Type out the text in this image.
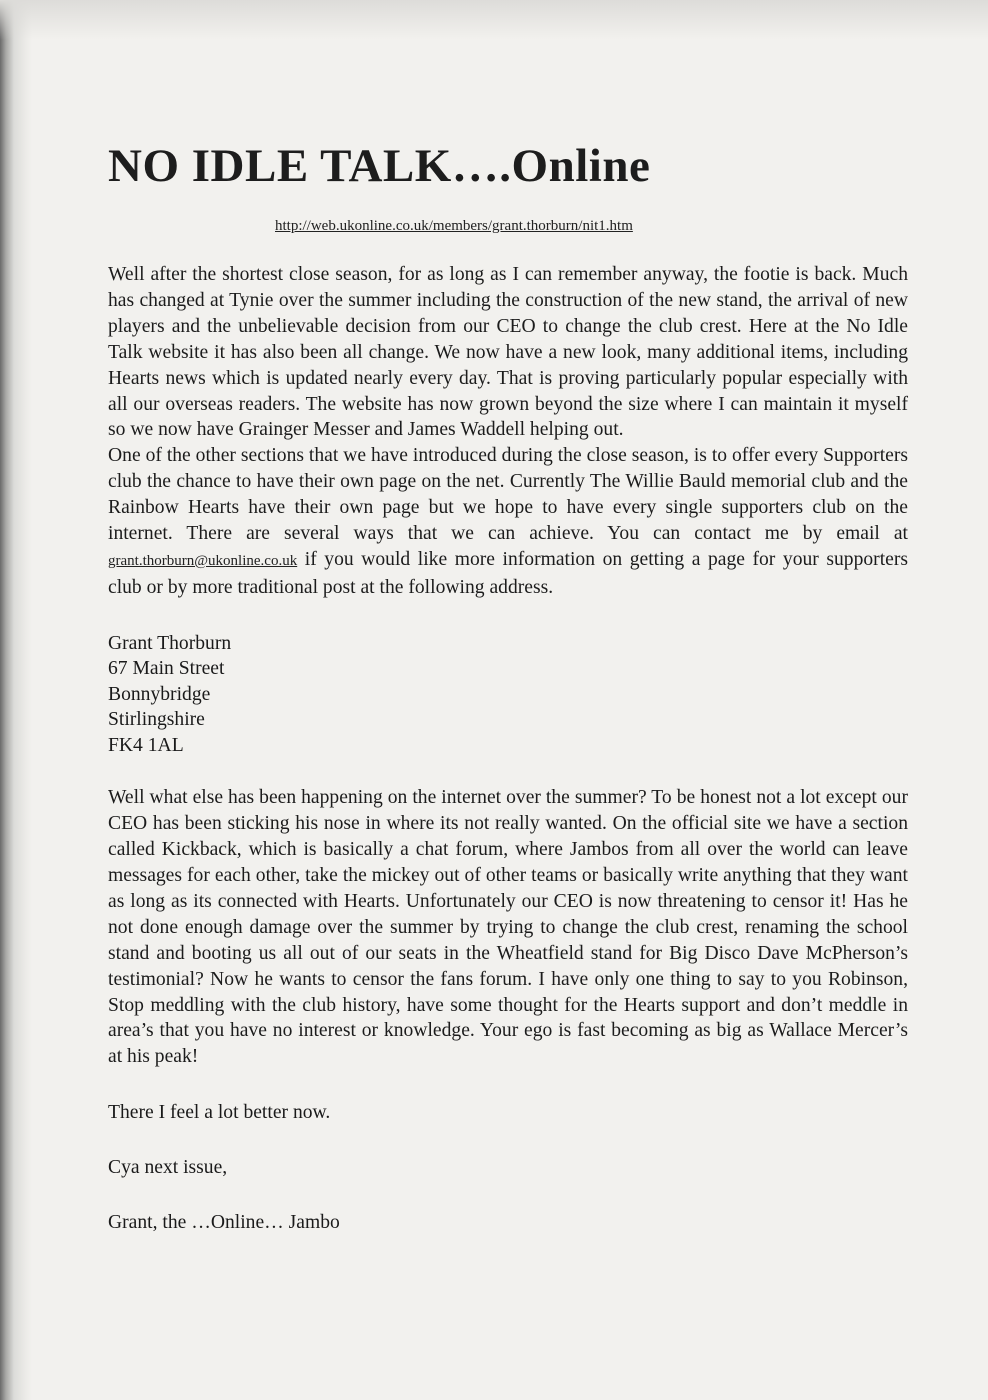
NO IDLE TALK….Online
http://web.ukonline.co.uk/members/grant.thorburn/nit1.htm

Well after the shortest close season, for as long as I can remember anyway, the footie is back. Much has changed at Tynie over the summer including the construction of the new stand, the arrival of new players and the unbelievable decision from our CEO to change the club crest. Here at the No Idle Talk website it has also been all change. We now have a new look, many additional items, including Hearts news which is updated nearly every day. That is proving particularly popular especially with all our overseas readers. The website has now grown beyond the size where I can maintain it myself so we now have Grainger Messer and James Waddell helping out.

One of the other sections that we have introduced during the close season, is to offer every Supporters club the chance to have their own page on the net. Currently The Willie Bauld memorial club and the Rainbow Hearts have their own page but we hope to have every single supporters club on the internet. There are several ways that we can achieve. You can contact me by email at grant.thorburn@ukonline.co.uk if you would like more information on getting a page for your supporters club or by more traditional post at the following address.

Grant Thorburn
67 Main Street
Bonnybridge
Stirlingshire
FK4 1AL

Well what else has been happening on the internet over the summer? To be honest not a lot except our CEO has been sticking his nose in where its not really wanted. On the official site we have a section called Kickback, which is basically a chat forum, where Jambos from all over the world can leave messages for each other, take the mickey out of other teams or basically write anything that they want as long as its connected with Hearts. Unfortunately our CEO is now threatening to censor it! Has he not done enough damage over the summer by trying to change the club crest, renaming the school stand and booting us all out of our seats in the Wheatfield stand for Big Disco Dave McPherson’s testimonial? Now he wants to censor the fans forum. I have only one thing to say to you Robinson, Stop meddling with the club history, have some thought for the Hearts support and don’t meddle in area’s that you have no interest or knowledge. Your ego is fast becoming as big as Wallace Mercer’s at his peak!

There I feel a lot better now.
Cya next issue,
Grant, the …Online… Jambo
